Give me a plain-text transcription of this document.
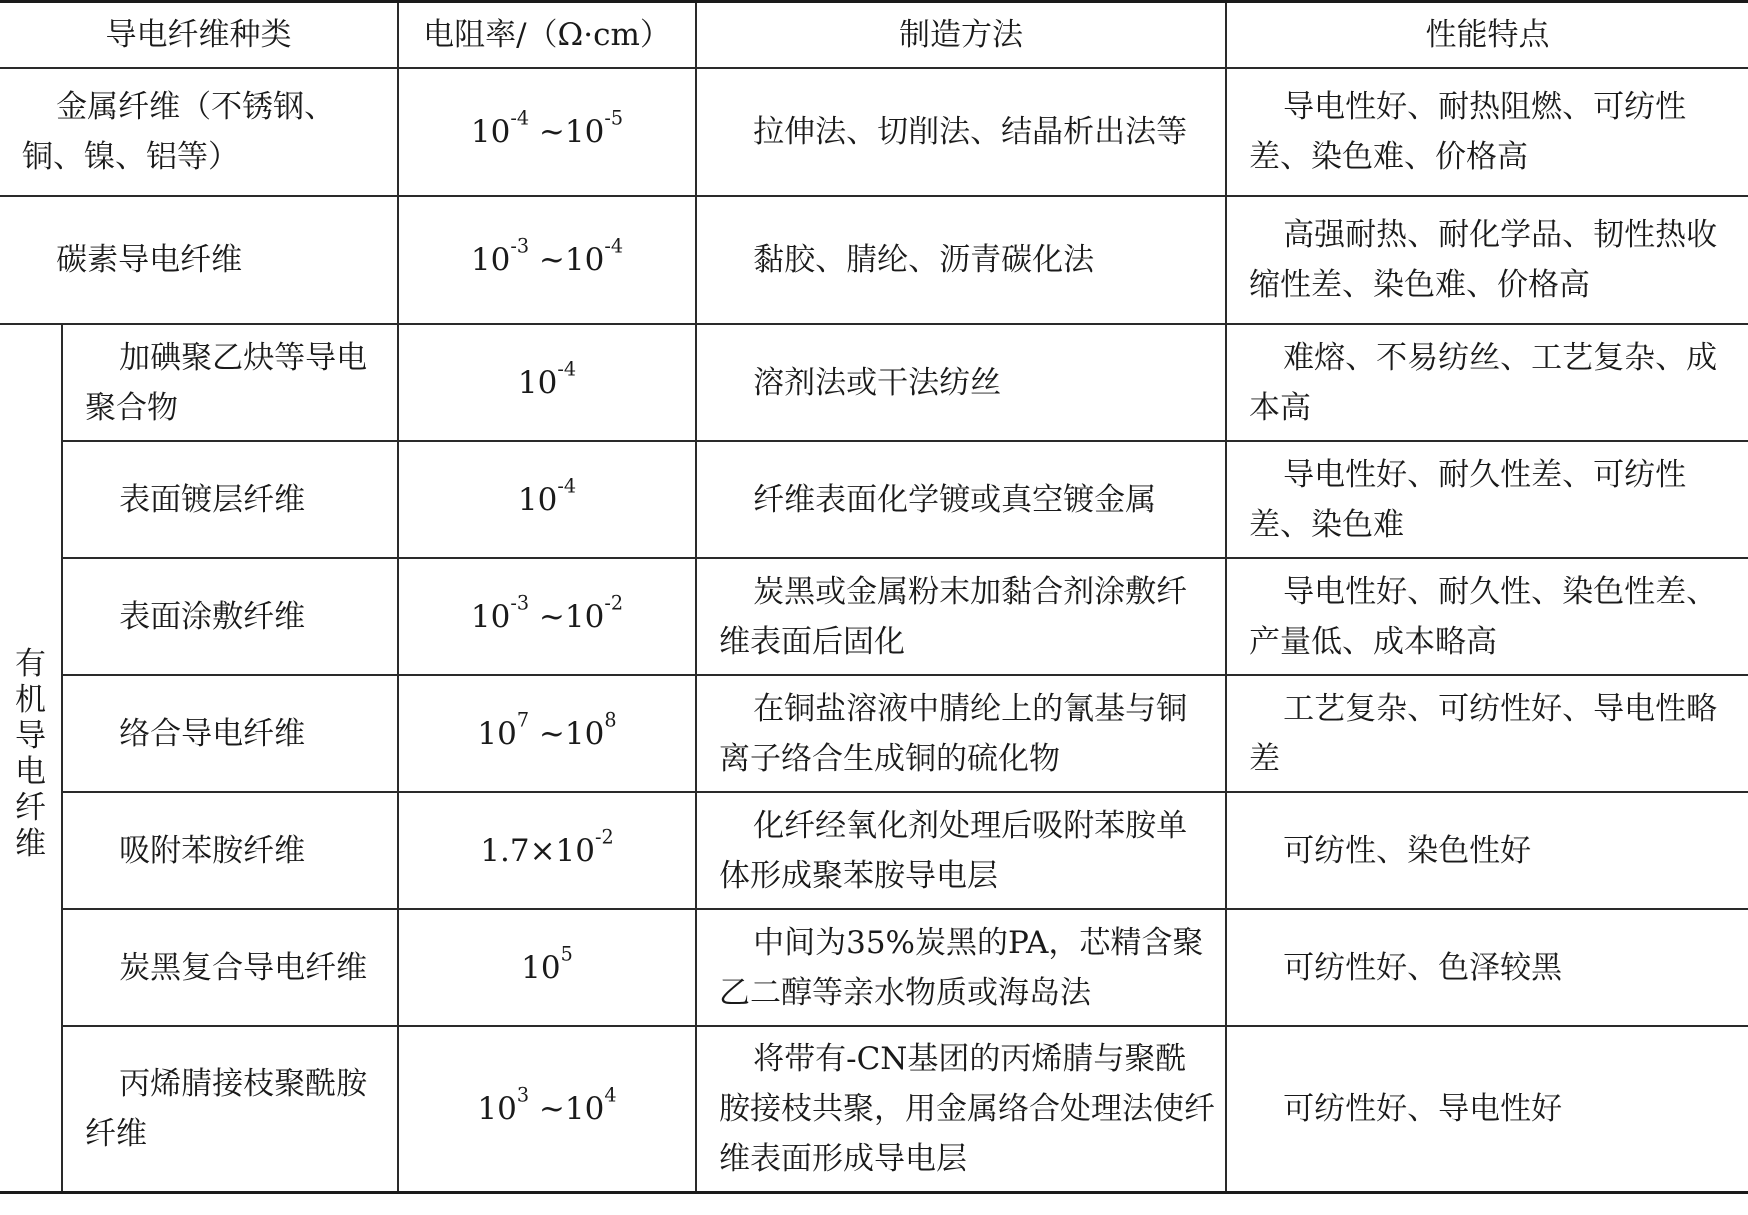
导电纤维种类		电阻率/（Ω·cm）	制造方法	性能特点

金属纤维（不锈钢、铜、镍、铝等）		$10^{-4}$ $\sim 10^{-5}$	拉伸法、切削法、结晶析出法等	导电性好、耐热阻燃、可纺性差、染色难、价格高

碳素导电纤维		$10^{-3}$ $\sim 10^{-4}$	黏胶、腈纶、沥青碳化法	高强耐热、耐化学品、韧性热收缩性差、染色难、价格高

有机导电纤维	加碘聚乙炔等导电聚合物	$10^{-4}$	溶剂法或干法纺丝	难熔、不易纺丝、工艺复杂、成本高

	表面镀层纤维	$10^{-4}$	纤维表面化学镀或真空镀金属	导电性好、耐久性差、可纺性差、染色难

	表面涂敷纤维	$10^{-3}$ $\sim 10^{-2}$	炭黑或金属粉末加黏合剂涂敷纤维表面后固化	导电性好、耐久性、染色性差、产量低、成本略高

	络合导电纤维	$10^7$ $\sim 10^8$	在铜盐溶液中腈纶上的氰基与铜离子络合生成铜的硫化物	工艺复杂、可纺性好、导电性略差

	吸附苯胺纤维	$1.7\times 10^{-2}$	化纤经氧化剂处理后吸附苯胺单体形成聚苯胺导电层	可纺性、染色性好

	炭黑复合导电纤维	$10^5$	中间为35%炭黑的PA，芯精含聚乙二醇等亲水物质或海岛法	可纺性好、色泽较黑

	丙烯腈接枝聚酰胺纤维	$10^3$ $\sim 10^4$	将带有-CN基团的丙烯腈与聚酰胺接枝共聚，用金属络合处理法使纤维表面形成导电层	可纺性好、导电性好
